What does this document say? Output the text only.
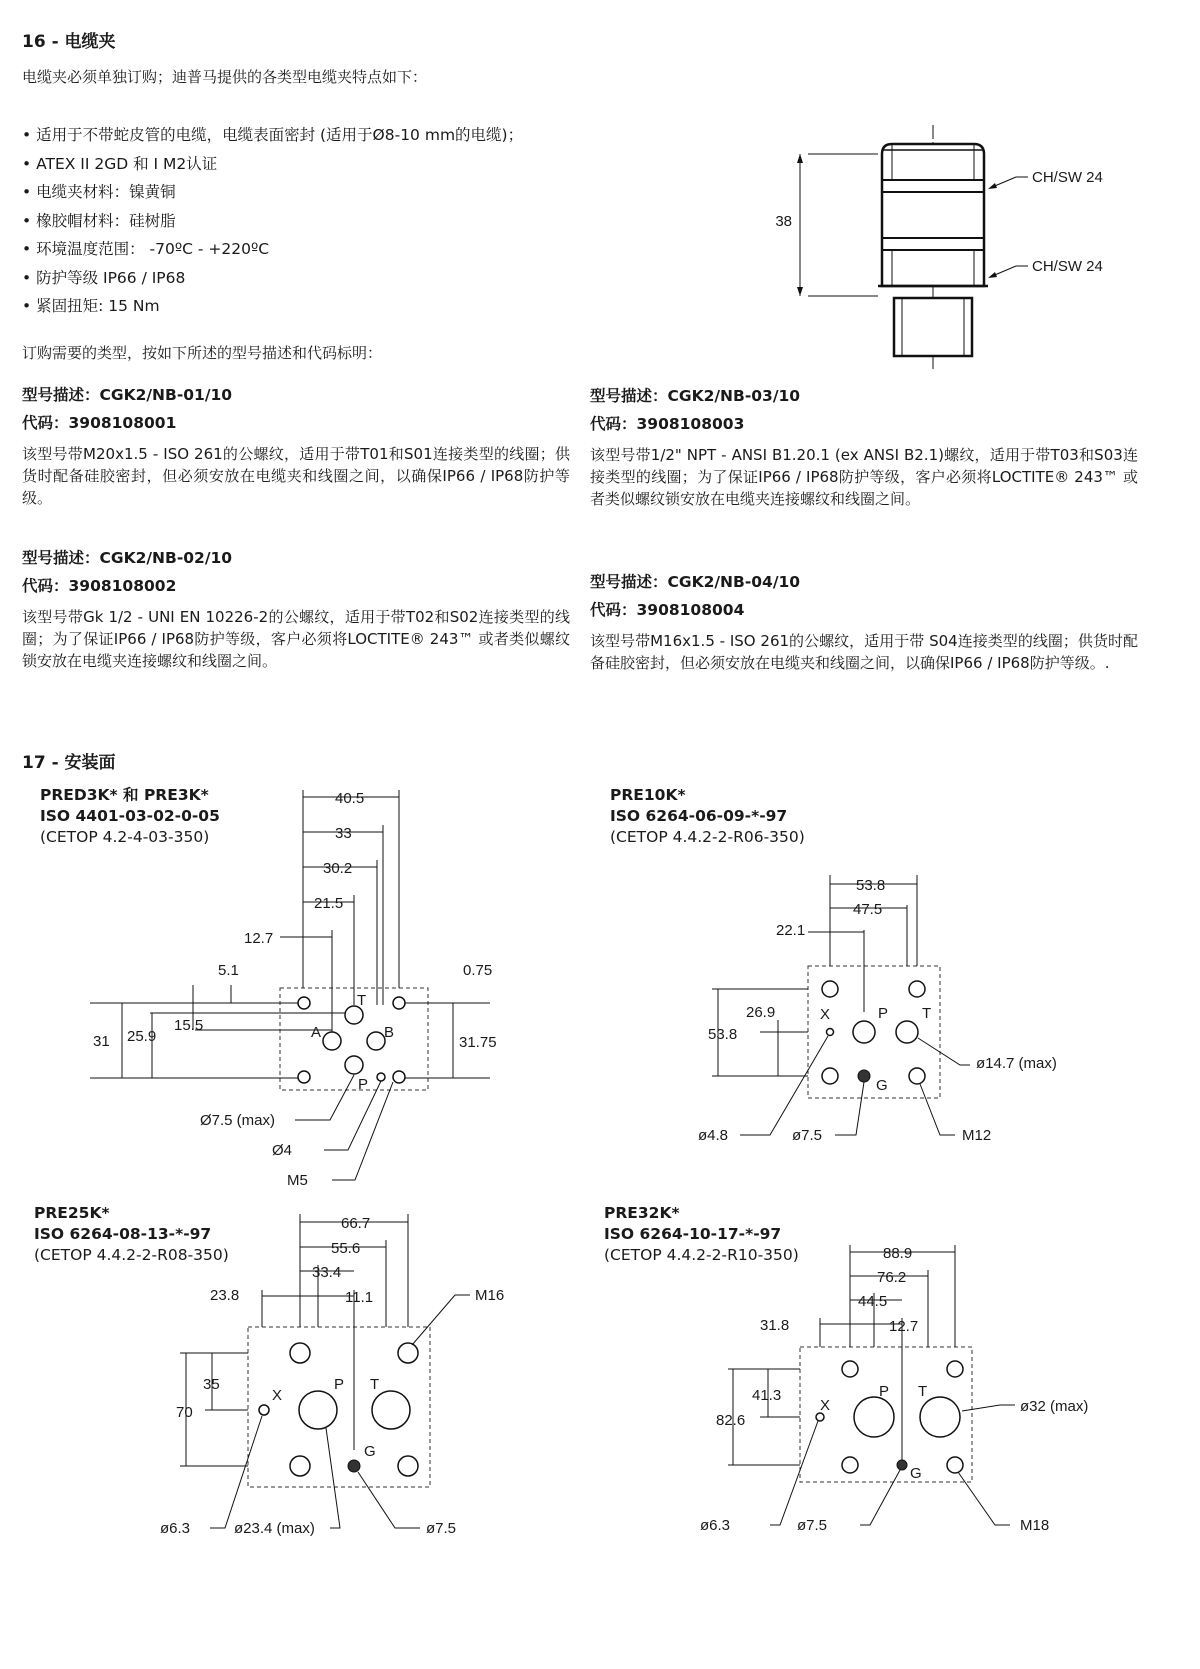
16 - 电缆夹
电缆夹必须单独订购；迪普马提供的各类型电缆夹特点如下：
• 适用于不带蛇皮管的电缆，电缆表面密封 (适用于Ø8-10 mm的电缆)；
• ATEX II 2GD 和 I M2认证
• 电缆夹材料：镍黄铜
• 橡胶帽材料：硅树脂
• 环境温度范围： -70ºC - +220ºC
• 防护等级 IP66 / IP68
• 紧固扭矩: 15 Nm
订购需要的类型，按如下所述的型号描述和代码标明：
38
CH/SW 24
CH/SW 24
型号描述：CGK2/NB-01/10
代码：3908108001
该型号带M20x1.5 - ISO 261的公螺纹，适用于带T01和S01连接类型的线圈；供货时配备硅胶密封，但必须安放在电缆夹和线圈之间，以确保IP66 / IP68防护等级。
型号描述：CGK2/NB-02/10
代码：3908108002
该型号带Gk 1/2 - UNI EN 10226-2的公螺纹，适用于带T02和S02连接类型的线圈；为了保证IP66 / IP68防护等级，客户必须将LOCTITE® 243™ 或者类似螺纹锁安放在电缆夹连接螺纹和线圈之间。
型号描述：CGK2/NB-03/10
代码：3908108003
该型号带1/2" NPT - ANSI B1.20.1 (ex ANSI B2.1)螺纹，适用于带T03和S03连接类型的线圈；为了保证IP66 / IP68防护等级，客户必须将LOCTITE® 243™ 或者类似螺纹锁安放在电缆夹连接螺纹和线圈之间。
型号描述：CGK2/NB-04/10
代码：3908108004
该型号带M16x1.5 - ISO 261的公螺纹，适用于带 S04连接类型的线圈；供货时配备硅胶密封，但必须安放在电缆夹和线圈之间，以确保IP66 / IP68防护等级。.
17 - 安装面
PRED3K* 和 PRE3K*
ISO 4401-03-02-0-05
(CETOP 4.2-4-03-350)
PRE10K*
ISO 6264-06-09-*-97
(CETOP 4.4.2-2-R06-350)
PRE25K*
ISO 6264-08-13-*-97
(CETOP 4.4.2-2-R08-350)
PRE32K*
ISO 6264-10-17-*-97
(CETOP 4.4.2-2-R10-350)
40.5
33
30.2
21.5
12.7
5.1	0.75
31 25.9
15.5
31.75
T
A	B
P
Ø7.5 (max)
Ø4
M5
53.8
47.5
22.1
26.9
53.8
X	P T
G
ø14.7 (max)
ø4.8	ø7.5	M12
66.7
55.6
33.4
23.8	11.1
35
70
X
P T
G
M16
ø6.3	ø23.4 (max)	ø7.5
88.9
76.2
44.5
31.8	12.7
41.3
82.6
X
P T
G
ø32 (max)
ø6.3	ø7.5	M18
